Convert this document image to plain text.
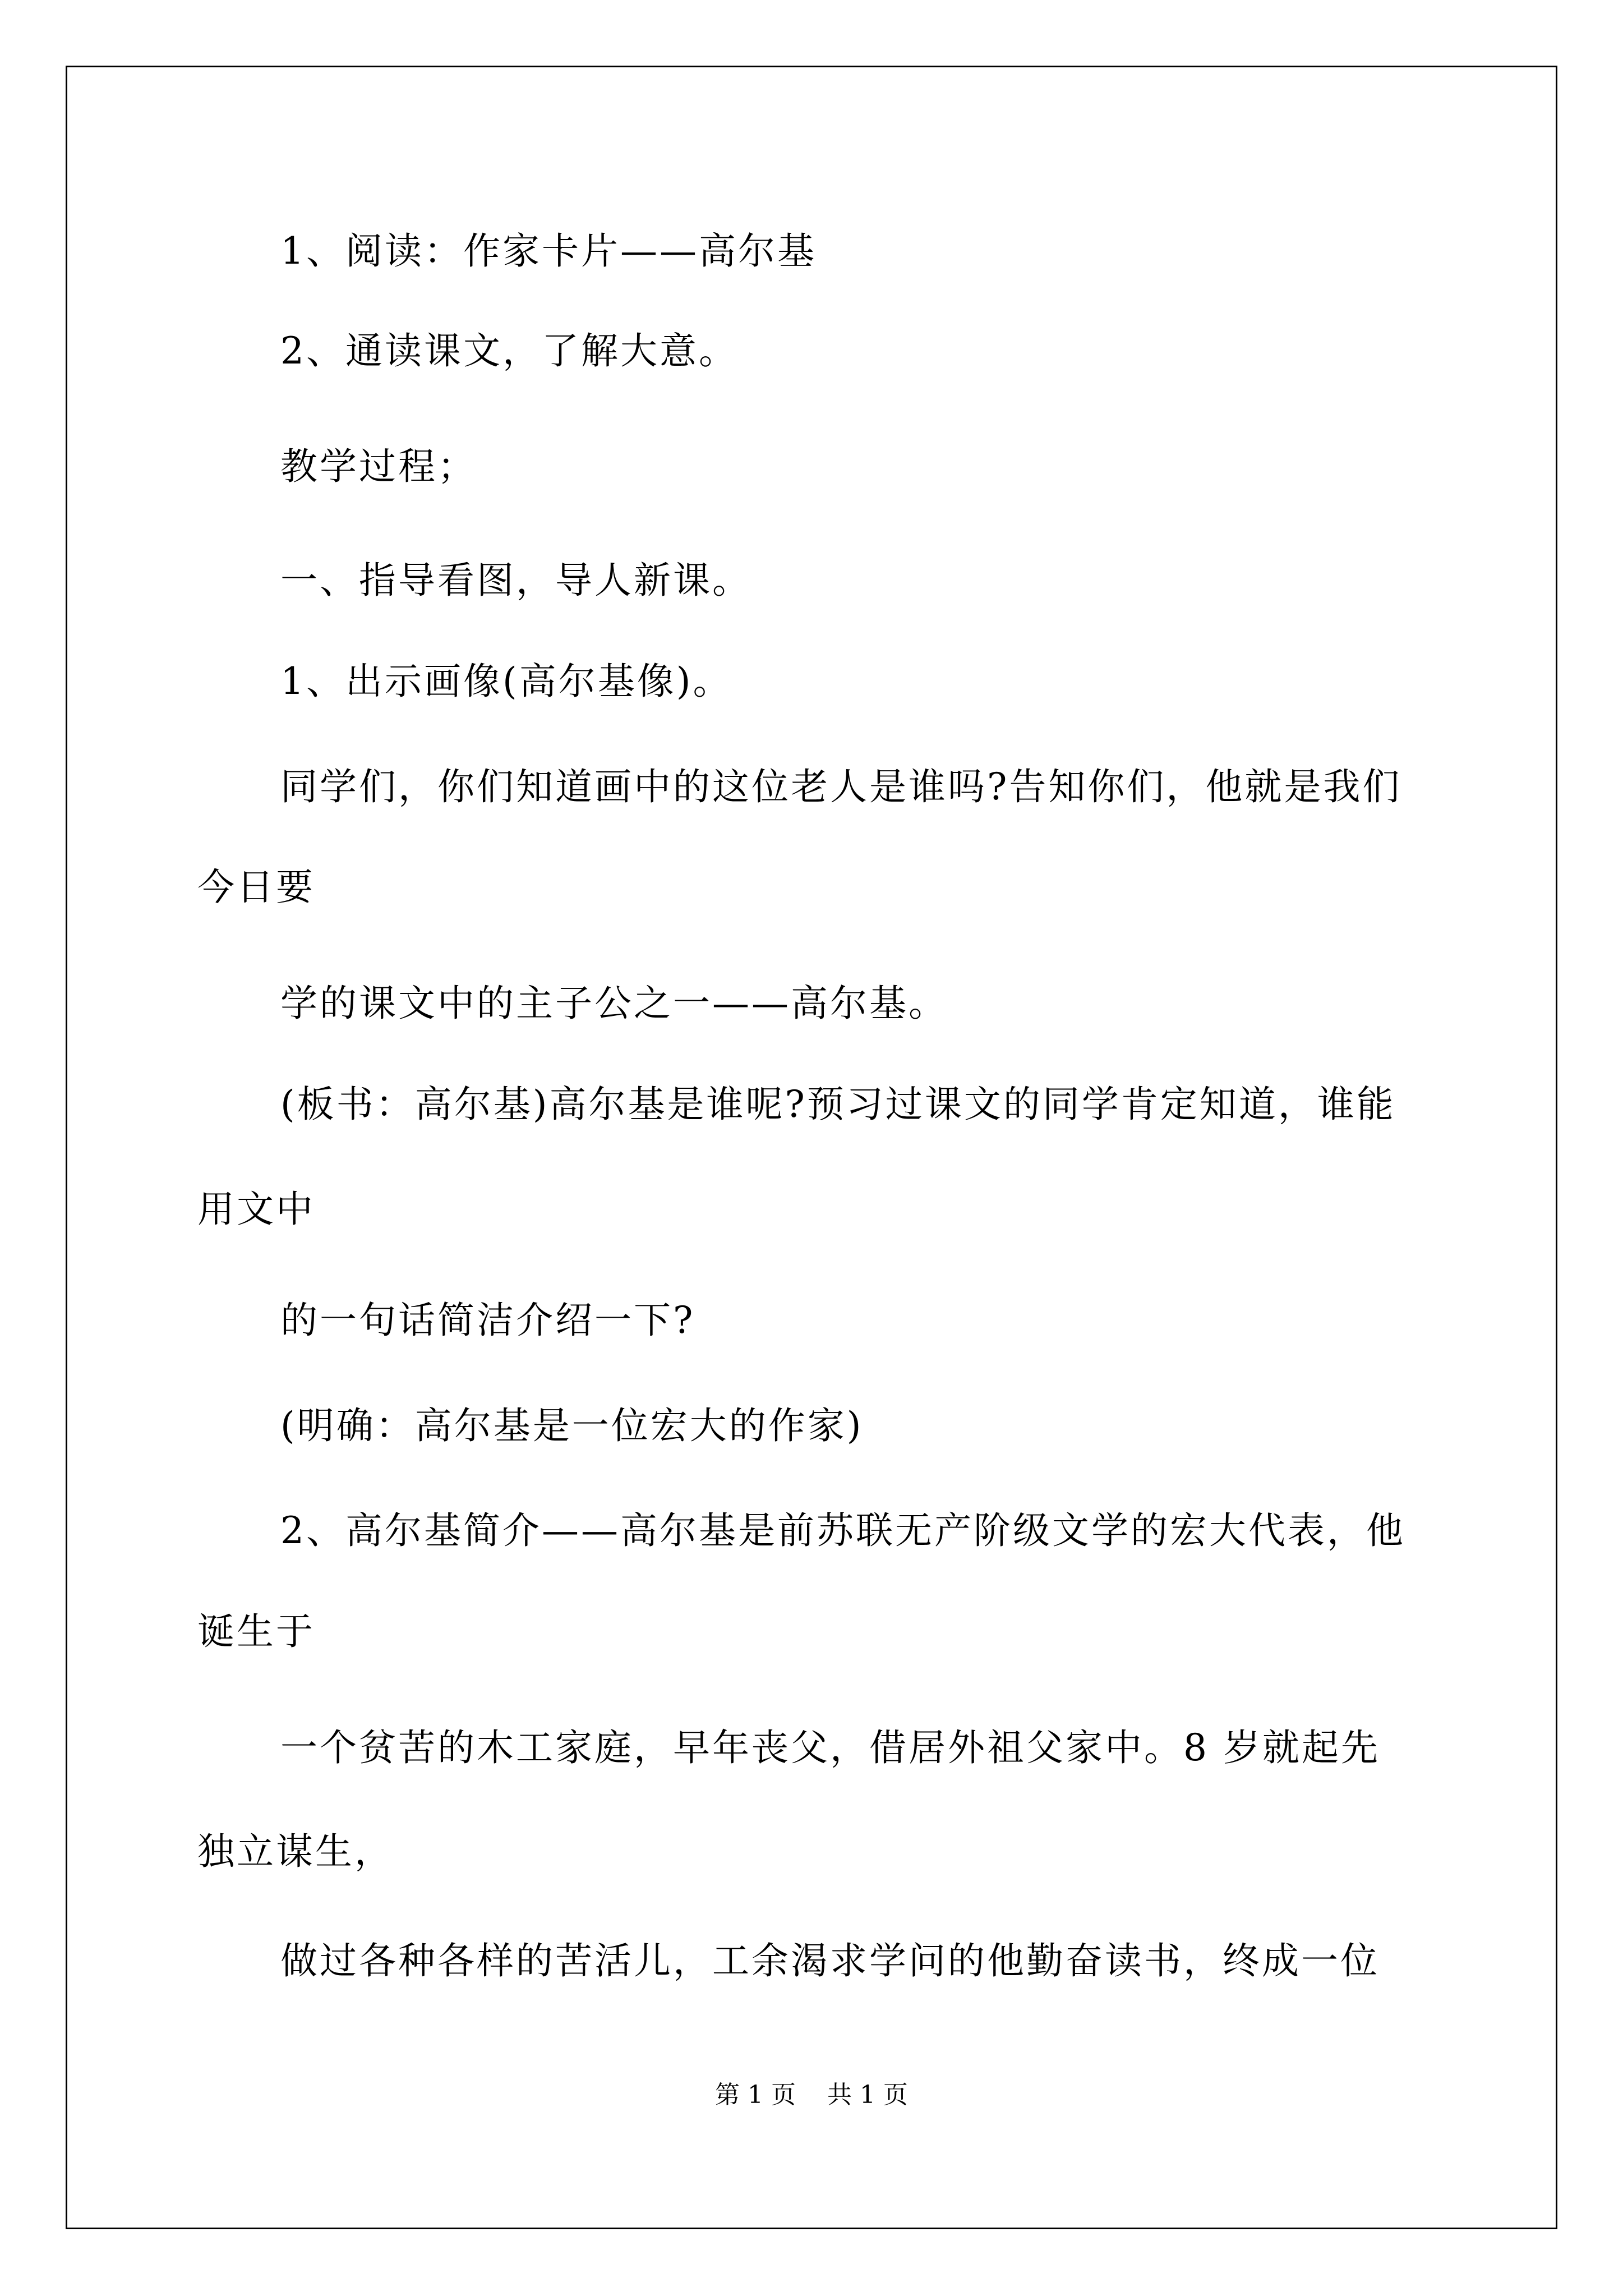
1、阅读：作家卡片——高尔基
2、通读课文，了解大意。
教学过程；
一、指导看图，导人新课。
1、出示画像(高尔基像)。
同学们，你们知道画中的这位老人是谁吗?告知你们，他就是我们
今日要
学的课文中的主子公之一——高尔基。
(板书：高尔基)高尔基是谁呢?预习过课文的同学肯定知道，谁能
用文中
的一句话简洁介绍一下?
(明确：高尔基是一位宏大的作家)
2、高尔基简介——高尔基是前苏联无产阶级文学的宏大代表，他
诞生于
一个贫苦的木工家庭，早年丧父，借居外祖父家中。8 岁就起先
独立谋生，
做过各种各样的苦活儿，工余渴求学问的他勤奋读书，终成一位
第 1 页    共 1 页
